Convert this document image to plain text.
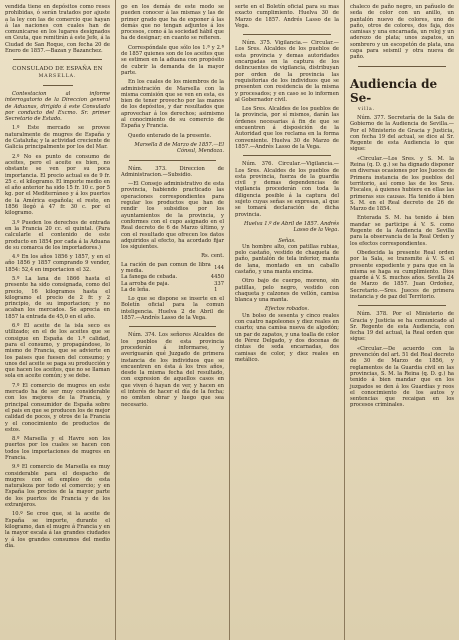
vendida tiene en depósitos como reses prohibidas, ó serán tratados por ajuste a la ley con las de comercio que hayan á las naciones con cuales han de comunicarse en los lugares designados en Ceuta, que remitirán á este Jefe, á la Ciudad de San Roque, con fecha 20 de Enero de 1857.—Bazan y Bazanchez.

CONSULADO DE ESPAÑA EN
MARSELLA.

Contestacion al informe interrogatorio de la Direccion general de Aduanas, dirigido á este Consulado por conducto del Excmo. Sr. primer Secretario de Estado.

1.º Este mercado se provee naturalmente de mugres de España y de Cataluña; y la actividad creciente de Galicia principalmente por los del Mar.

2.º No es punto de consumo de aceites, pero el aceite es bien, no obstante se ven por su poca importancia. El precio actual es de 9 fr. 25 c. el kilogramo. El importe medio en el año anterior ha sido 15 fr. 10 c. por 5 kg. por el Mediterráneo y á los puertos de la América española; el resto, en 1856 llegó á 47 fr. 30 c. por el kilogramo.

3.º Pueden los derechos de entrada en la Francia 20 cc. el quintal. (Para calcularle el contenido de este producto en 1854 por cada á la Aduana de su comarca de los importadores.)

4.º En los años 1856 y 1857, y en el año 1856 y 1857 comprando 9 vender, 1854: 52,4 en importacion el 32.

5.º La lana de 1866 hasta el presente ha sido consignada, como del precio, 16 kilogramos hasta el kilogramo el precio de 2 fr. y 2 principio, de su importacion; y no acaban los mercados. Se aprecia en 1857 la entrada de 45,0 en el año.

6.º El aceite de la isla seco es utilizado; en el de los aceites que se consigue en España de 1.ª calidad, para el consumo, y propagándose, lo mismo de Francia, que se advierte en los paises que fuesen del consumo; y unos del aceite se paga su producción y que hacen los aceites, que no se llaman sola en aceite común; y se debe.

7.º El comercio de mugres en este mercado ha de ser muy considerable con los mejores de la Francia, y principal consumidor de España sobre el pais en que se producen los de mejor calidad de pocos, y otros de la Francia y el conocimiento de productos de estos.

8.º Marsella y el Havre son los puertos por los cuales se hacen con todos los importaciones de mugres en Francia.

9.º El comercio de Marsella es muy considerable para el despacho de mugres con el empleo de esta naturaleza por todo el comercio; y en España los precios de la mayor parte de los puertos de Francia y de los extranjeros.

10.º Se cree que, si la aceite de España se importe, durante el kilogramo, dan el mugre á Francia y en la mayor escala á las grandes ciudades y á los grandes consumos del medio día.

go en los demás de este modo se pueden conocer á las mismas y las de primer grado que ha de exponer á las demás que no tengan adjuntos á los procesos, como á la sociedad hábil que ha de designar; en cuanto se refieren.

Correspóndale que sólo los 1.ª y 2.ª de 1857 quienes son de los aceites que se estimen en la aduana con propósito de cubrir la demanda de la mayor parte.

En los cuales de los miembros de la administración de Marsella con la misma comisión que se ven en esta, es bien de tener provecho por las manos de los depósitos, y dar resultados que aprovechar á los derechos; asimismo al conocimiento de su comercio de España y Francia.

Quedo enterado de la presente.

Marsella 8 de Marzo de 1857.—El Cónsul, Mendoza.

Núm. 373. Direccion de Administracion.—Subsidio.

—El Consejo administrativo de esta provincia, habiendo practicado las operaciones correspondientes para regular los productos que han de rendir los subsidios por los ayuntamientos de la provincia, y conformes con el cupo asignado en el Real decreto de 6 de Marzo último, y con el resultado que ofrecen los datos adquiridos al efecto, ha acordado fijar los siguientes.

Rs. cent.
La ración de pan comun de libra y media.	1	44
La fanega de cebada.	44	50
La arroba de paja.	3	37
La de leña.	1	

Lo que se dispone se inserte en el Boletín oficial para la comun inteligencia. Huelva 2 de Abril de 1857.—Andrés Lasso de la Vega.

Núm. 374. Los señores Alcaldes de los pueblos de esta provincia procederán á informarse, y averiguarán qué Juzgado de primera instancia de los individuos que se encuentren en ésta á los tres años, desde la misma fecha del resultado, con expresion de aquellos casos en que viven ó hayan de ver, y hacen en el interés de hacer el día de la fecha; no omiten obrar y luego que sea necesario.

serte en el Boletín oficial para su mas exacto cumplimiento. Huelva 30 de Marzo de 1857. Andrés Lasso de la Vega.

Núm. 375. Vigilancia.— Circular.—Los Sres. Alcaldes de los pueblos de esta provincia y demas autoridades encargadas en la captura de los delincuentes de vigilancia, distribuyan por orden de la provincia las requisitorias de los individuos que se presenten con residencia de la misma y procesados; y en caso se lo informen al Gobernador civil.

Los Sres. Alcaldes de los pueblos de la provincia, por sí mismos, darán las órdenes necesarias á fin de que se encuentren á disposición de la Autoridad que los reclama en la forma conveniente. Huelva 30 de Marzo de 1857.—Andrés Lasso de la Vega.

Núm. 376. Circular.—Vigilancia.—Los Sres. Alcaldes de los pueblos de esta provincia, fuerza de la guardia civil y demas dependencias de vigilancia procederán con toda la diligencia posible á la captura del sujeto cuyas señas se expresan, al que se tomará declaración de dicha provincia.

Huelva 1.º de Abril de 1857. Andrés Lasso de la Vega.

Señas.

Un hombre alto, con patillas rubias, pelo castaño, vestido de chaqueta de paño, pantalón de tela inferior, manta de lana, montado en un caballo castaño, y una manta encima.

Otro bajo de cuerpo, moreno, sin patillas, pelo negro, vestido con chaqueta y calzones de vellón, camisa blanca y una manta.

Efectos robados.

Un bolso de sesenta y cinco reales con cuatro napoleones y diez reales en cuarto; una camisa nueva de algodón; un par de zapatos, y una toalla de color de Pérez Delgado, y dos docenas de cintas de seda encarnadas, dos camisas de color, y diez reales en metálico.

chaleco de paño negro, un pañuelo de seda de color con un anillo, un pantalón nuevo de colores, uno de paño, otros de colores, dos faja, dos camisas y una encarnada, un reloj y un aderezo de plata; unos zapatos, un sombrero y un escopetón de plata, una capa para seismil y otra nueva de paño.

Audiencia de Se-
villa.

Núm. 377. Secretaría de la Sala de Gobierno de la Audiencia de Sevilla.—Por el Ministerio de Gracia y Justicia, con fecha 19 del actual, se dice al Sr. Regente de esta Audiencia lo que sigue:

«Circular.—Los Sres. y S. M. la Reina (q. D. g.) se ha dignado disponer en diversas ocasiones por los Jueces de Primera instancia de los pueblos del territorio, así como las de los Sres. Fiscales, á quienes hubiere en ellas las primeras sus causas. Ha tenido á bien S. M. en el Real decreto de 26 de Marzo de 1854.

Enterada S. M. ha tenido á bien mandar se participe á V. S. como Regente de la Audiencia de Sevilla para la observancia de la Real Orden y los efectos correspondientes.

Obedecida la presente Real orden por la Sala, se transmite á V. S. el presente expediente y para que en la misma se haga su cumplimiento. Dios guarde á V. S. muchos años. Sevilla 24 de Marzo de 1857. Juan Ordoñez, Secretario.—Sres. Jueces de primera instancia y de paz del Territorio.

Núm. 378. Por el Ministerio de Gracia y Justicia se ha comunicado al Sr. Regente de esta Audiencia, con fecha 19 del actual, la Real orden que sigue:

«Circular.—De acuerdo con la prevención del art. 51 del Real decreto de 30 de Marzo de 1856, y reglamentos de la Guardia civil en las provincias, S. M. la Reina (q. D. g.) ha tenido á bien mandar que en los juzgados se den á los Guardias y reos el conocimiento de los autos y sentencias que recaigan en los procesos criminales.
